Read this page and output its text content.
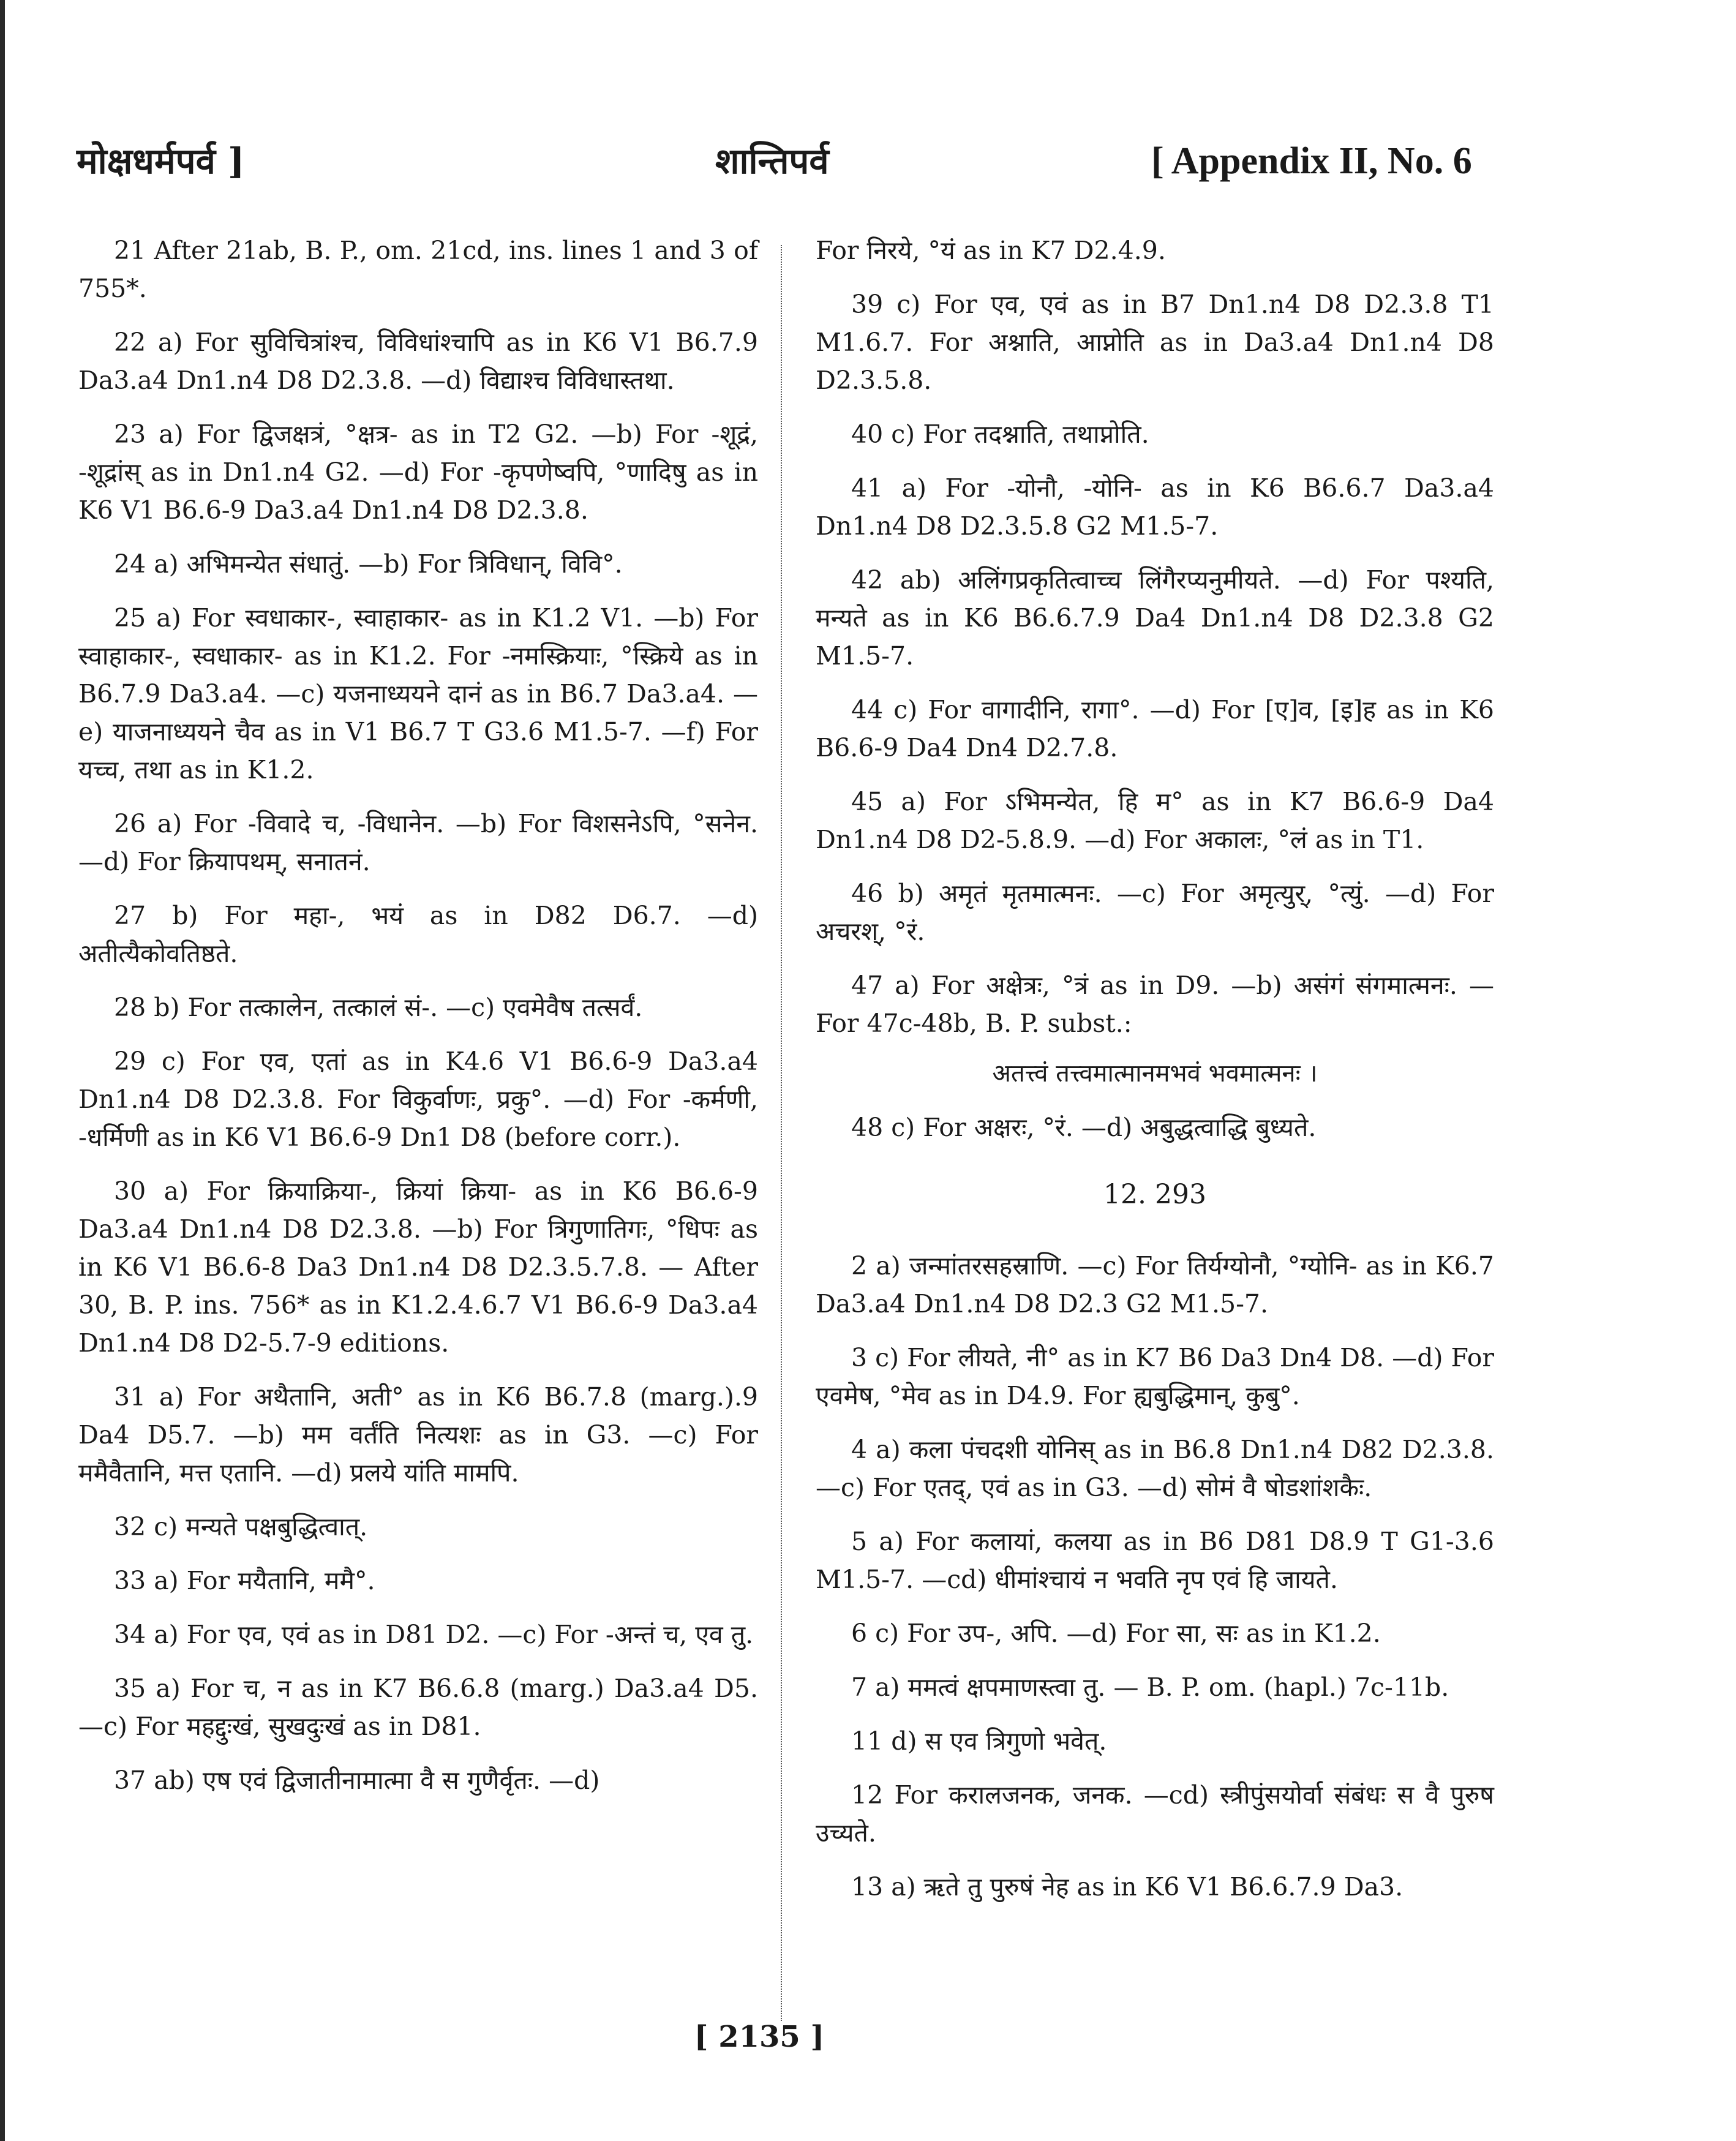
मोक्षधर्मपर्व ]	शान्तिपर्व	[ Appendix II, No. 6

21 After 21ab, B. P., om. 21cd, ins. lines 1 and 3 of 755*.

22 a) For सुविचित्रांश्च, विविधांश्चापि as in K6 V1 B6.7.9 Da3.a4 Dn1.n4 D8 D2.3.8. —d) विद्याश्च विविधास्तथा.

23 a) For द्विजक्षत्रं, °क्षत्र- as in T2 G2. —b) For -शूद्रं, -शूद्रांस् as in Dn1.n4 G2. —d) For -कृपणेष्वपि, °णादिषु as in K6 V1 B6.6-9 Da3.a4 Dn1.n4 D8 D2.3.8.

24 a) अभिमन्येत संधातुं. —b) For त्रिविधान्, विवि°.

25 a) For स्वधाकार-, स्वाहाकार- as in K1.2 V1. —b) For स्वाहाकार-, स्वधाकार- as in K1.2. For -नमस्क्रियाः, °स्क्रिये as in B6.7.9 Da3.a4. —c) यजनाध्ययने दानं as in B6.7 Da3.a4. —e) याजनाध्ययने चैव as in V1 B6.7 T G3.6 M1.5-7. —f) For यच्च, तथा as in K1.2.

26 a) For -विवादे च, -विधानेन. —b) For विशसनेऽपि, °सनेन. —d) For क्रियापथम्, सनातनं.

27 b) For महा-, भयं as in D82 D6.7. —d) अतीत्यैकोवतिष्ठते.

28 b) For तत्कालेन, तत्कालं सं-. —c) एवमेवैष तत्सर्वं.

29 c) For एव, एतां as in K4.6 V1 B6.6-9 Da3.a4 Dn1.n4 D8 D2.3.8. For विकुर्वाणः, प्रकु°. —d) For -कर्मणी, -धर्मिणी as in K6 V1 B6.6-9 Dn1 D8 (before corr.).

30 a) For क्रियाक्रिया-, क्रियां क्रिया- as in K6 B6.6-9 Da3.a4 Dn1.n4 D8 D2.3.8. —b) For त्रिगुणातिगः, °धिपः as in K6 V1 B6.6-8 Da3 Dn1.n4 D8 D2.3.5.7.8. — After 30, B. P. ins. 756* as in K1.2.4.6.7 V1 B6.6-9 Da3.a4 Dn1.n4 D8 D2-5.7-9 editions.

31 a) For अथैतानि, अती° as in K6 B6.7.8 (marg.).9 Da4 D5.7. —b) मम वर्तंति नित्यशः as in G3. —c) For ममैवैतानि, मत्त एतानि. —d) प्रलये यांति मामपि.

32 c) मन्यते पक्षबुद्धित्वात्.

33 a) For मयैतानि, ममै°.

34 a) For एव, एवं as in D81 D2. —c) For -अन्तं च, एव तु.

35 a) For च, न as in K7 B6.6.8 (marg.) Da3.a4 D5. —c) For महद्दुःखं, सुखदुःखं as in D81.

37 ab) एष एवं द्विजातीनामात्मा वै स गुणैर्वृतः. —d)

For निरये, °यं as in K7 D2.4.9.

39 c) For एव, एवं as in B7 Dn1.n4 D8 D2.3.8 T1 M1.6.7. For अश्नाति, आप्नोति as in Da3.a4 Dn1.n4 D8 D2.3.5.8.

40 c) For तदश्नाति, तथाप्नोति.

41 a) For -योनौ, -योनि- as in K6 B6.6.7 Da3.a4 Dn1.n4 D8 D2.3.5.8 G2 M1.5-7.

42 ab) अलिंगप्रकृतित्वाच्च लिंगैरप्यनुमीयते. —d) For पश्यति, मन्यते as in K6 B6.6.7.9 Da4 Dn1.n4 D8 D2.3.8 G2 M1.5-7.

44 c) For वागादीनि, रागा°. —d) For [ए]व, [इ]ह as in K6 B6.6-9 Da4 Dn4 D2.7.8.

45 a) For ऽभिमन्येत, हि म° as in K7 B6.6-9 Da4 Dn1.n4 D8 D2-5.8.9. —d) For अकालः, °लं as in T1.

46 b) अमृतं मृतमात्मनः. —c) For अमृत्युर्, °त्युं. —d) For अचरश्, °रं.

47 a) For अक्षेत्रः, °त्रं as in D9. —b) असंगं संगमात्मनः. — For 47c-48b, B. P. subst.:

अतत्त्वं तत्त्वमात्मानमभवं भवमात्मनः ।

48 c) For अक्षरः, °रं. —d) अबुद्धत्वाद्धि बुध्यते.

12. 293

2 a) जन्मांतरसहस्राणि. —c) For तिर्यग्योनौ, °ग्योनि- as in K6.7 Da3.a4 Dn1.n4 D8 D2.3 G2 M1.5-7.

3 c) For लीयते, नी° as in K7 B6 Da3 Dn4 D8. —d) For एवमेष, °मेव as in D4.9. For ह्यबुद्धिमान्, कुबु°.

4 a) कला पंचदशी योनिस् as in B6.8 Dn1.n4 D82 D2.3.8. —c) For एतद्, एवं as in G3. —d) सोमं वै षोडशांशकैः.

5 a) For कलायां, कलया as in B6 D81 D8.9 T G1-3.6 M1.5-7. —cd) धीमांश्चायं न भवति नृप एवं हि जायते.

6 c) For उप-, अपि. —d) For सा, सः as in K1.2.

7 a) ममत्वं क्षपमाणस्त्वा तु. — B. P. om. (hapl.) 7c-11b.

11 d) स एव त्रिगुणो भवेत्.

12 For करालजनक, जनक. —cd) स्त्रीपुंसयोर्वा संबंधः स वै पुरुष उच्यते.

13 a) ऋते तु पुरुषं नेह as in K6 V1 B6.6.7.9 Da3.

[ 2135 ]
